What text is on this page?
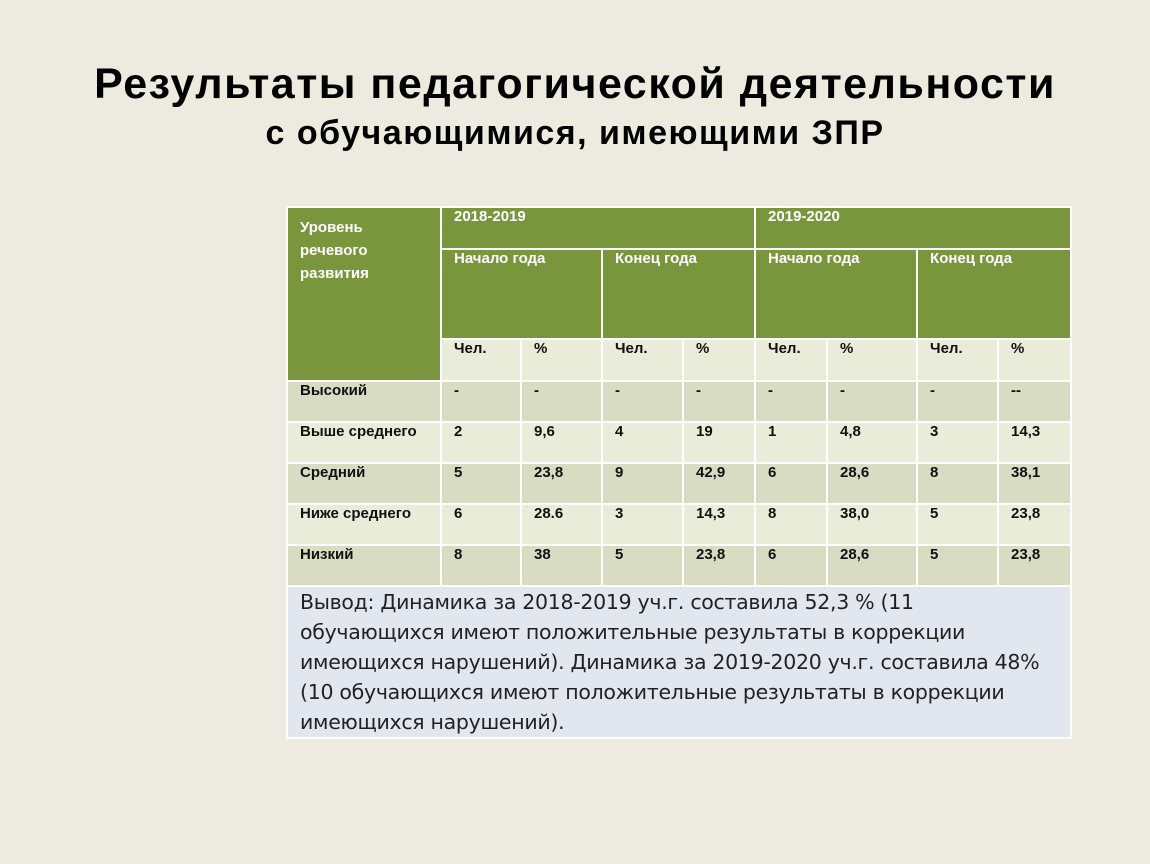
Результаты педагогической деятельности
с обучающимися, имеющими ЗПР
Уровень речевого развития	2018-2019				2019-2020			
	Начало года		Конец года		Начало года		Конец года	
	Чел.	%	Чел.	%	Чел.	%	Чел.	%
Высокий	-	-	-	-	-	-	-	--
Выше среднего	2	9,6	4	19	1	4,8	3	14,3
Средний	5	23,8	9	42,9	6	28,6	8	38,1
Ниже среднего	6	28.6	3	14,3	8	38,0	5	23,8
Низкий	8	38	5	23,8	6	28,6	5	23,8
Вывод: Динамика за 2018-2019 уч.г. составила 52,3 % (11 обучающихся имеют положительные результаты в коррекции имеющихся нарушений). Динамика за 2019-2020 уч.г. составила 48% (10 обучающихся имеют положительные результаты в коррекции имеющихся нарушений).								
